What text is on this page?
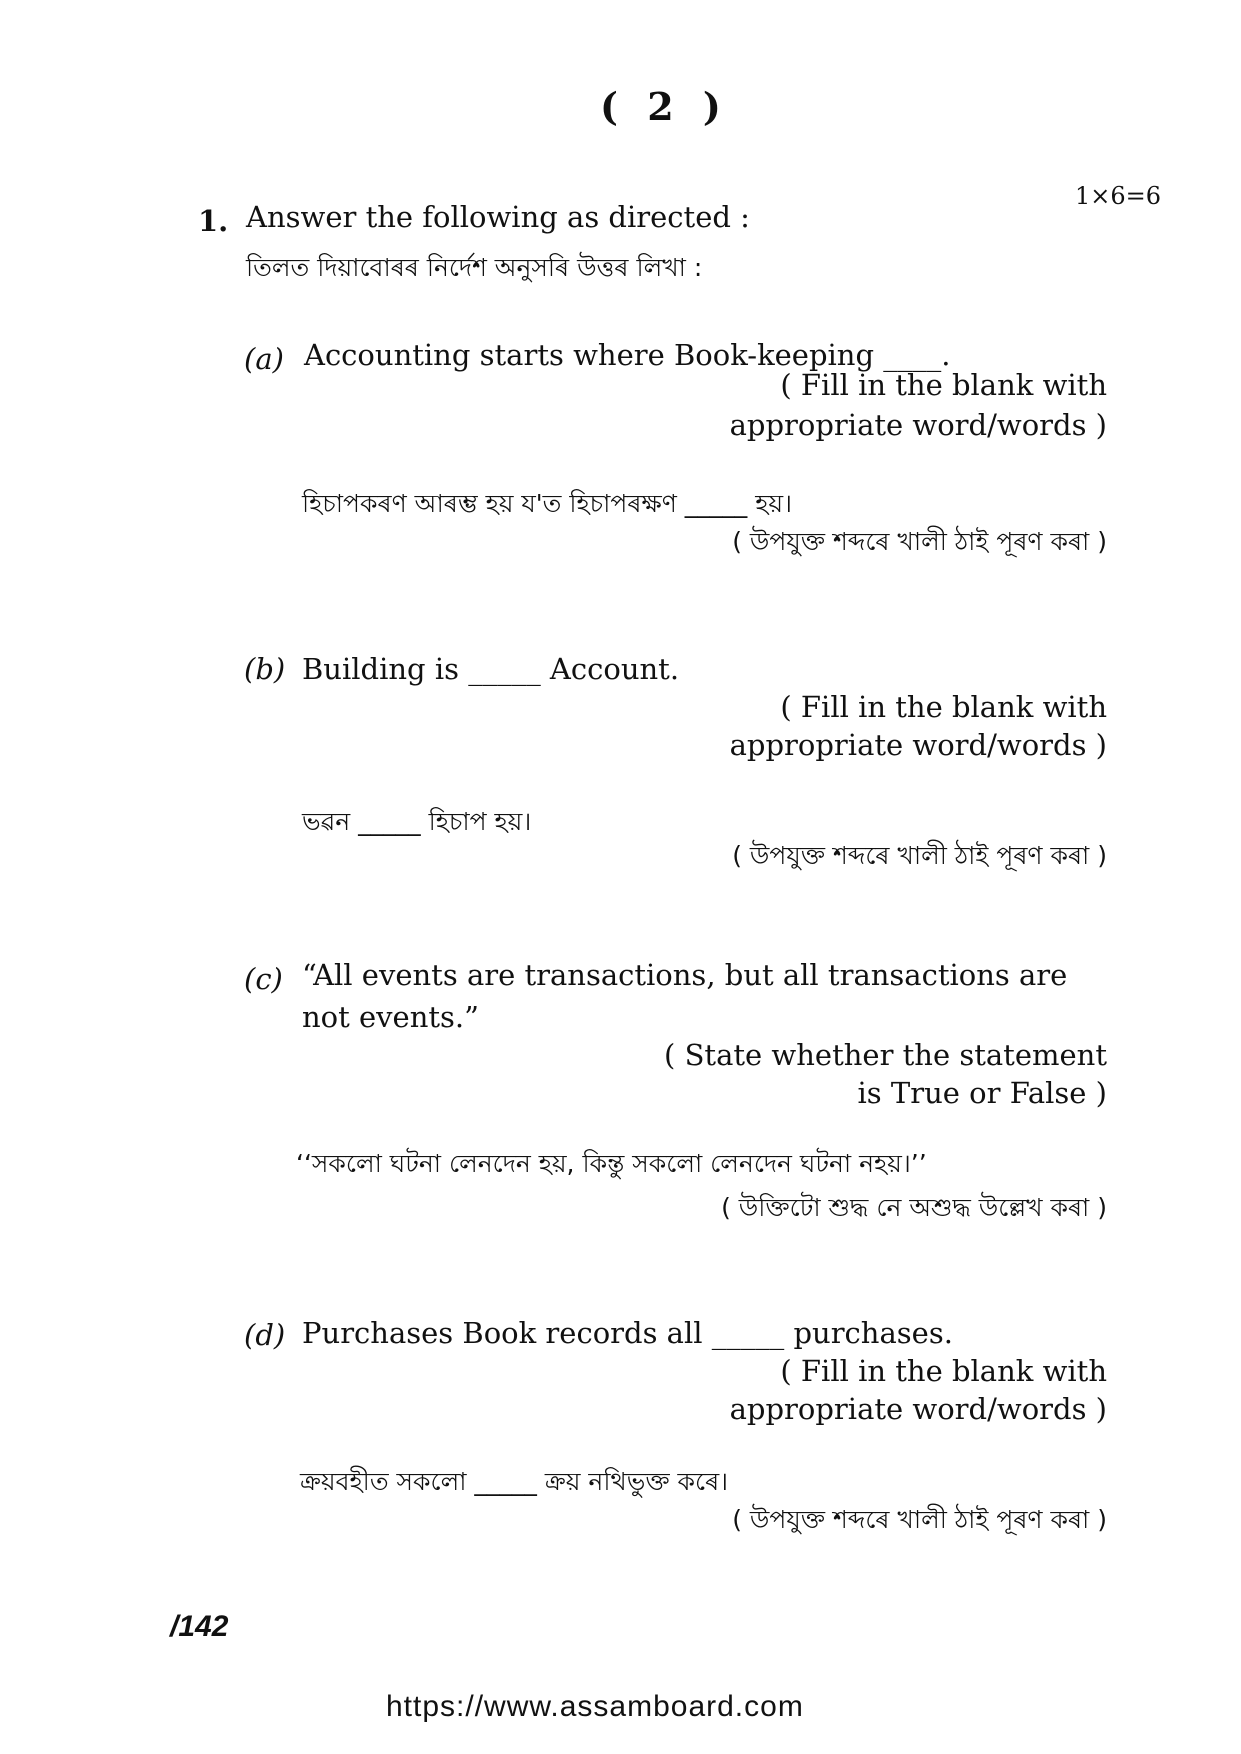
( 2 )
1×6=6
1. Answer the following as directed :
তিলত দিয়াবোৰৰ নিৰ্দেশ অনুসৰি উত্তৰ লিখা :
(a) Accounting starts where Book-keeping ____.
( Fill in the blank with
appropriate word/words )
হিচাপকৰণ আৰম্ভ হয় য'ত হিচাপৰক্ষণ _____ হয়।
( উপযুক্ত শব্দৰে খালী ঠাই পূৰণ কৰা )
(b) Building is _____ Account.
( Fill in the blank with
appropriate word/words )
ভৱন _____ হিচাপ হয়।
( উপযুক্ত শব্দৰে খালী ঠাই পূৰণ কৰা )
(c) “All events are transactions, but all transactions are
not events.”
( State whether the statement
is True or False )
‘‘সকলো ঘটনা লেনদেন হয়, কিন্তু সকলো লেনদেন ঘটনা নহয়।’’
( উক্তিটো শুদ্ধ নে অশুদ্ধ উল্লেখ কৰা )
(d) Purchases Book records all _____ purchases.
( Fill in the blank with
appropriate word/words )
ক্ৰয়বহীত সকলো _____ ক্ৰয় নথিভুক্ত কৰে।
( উপযুক্ত শব্দৰে খালী ঠাই পূৰণ কৰা )
/142
https://www.assamboard.com
